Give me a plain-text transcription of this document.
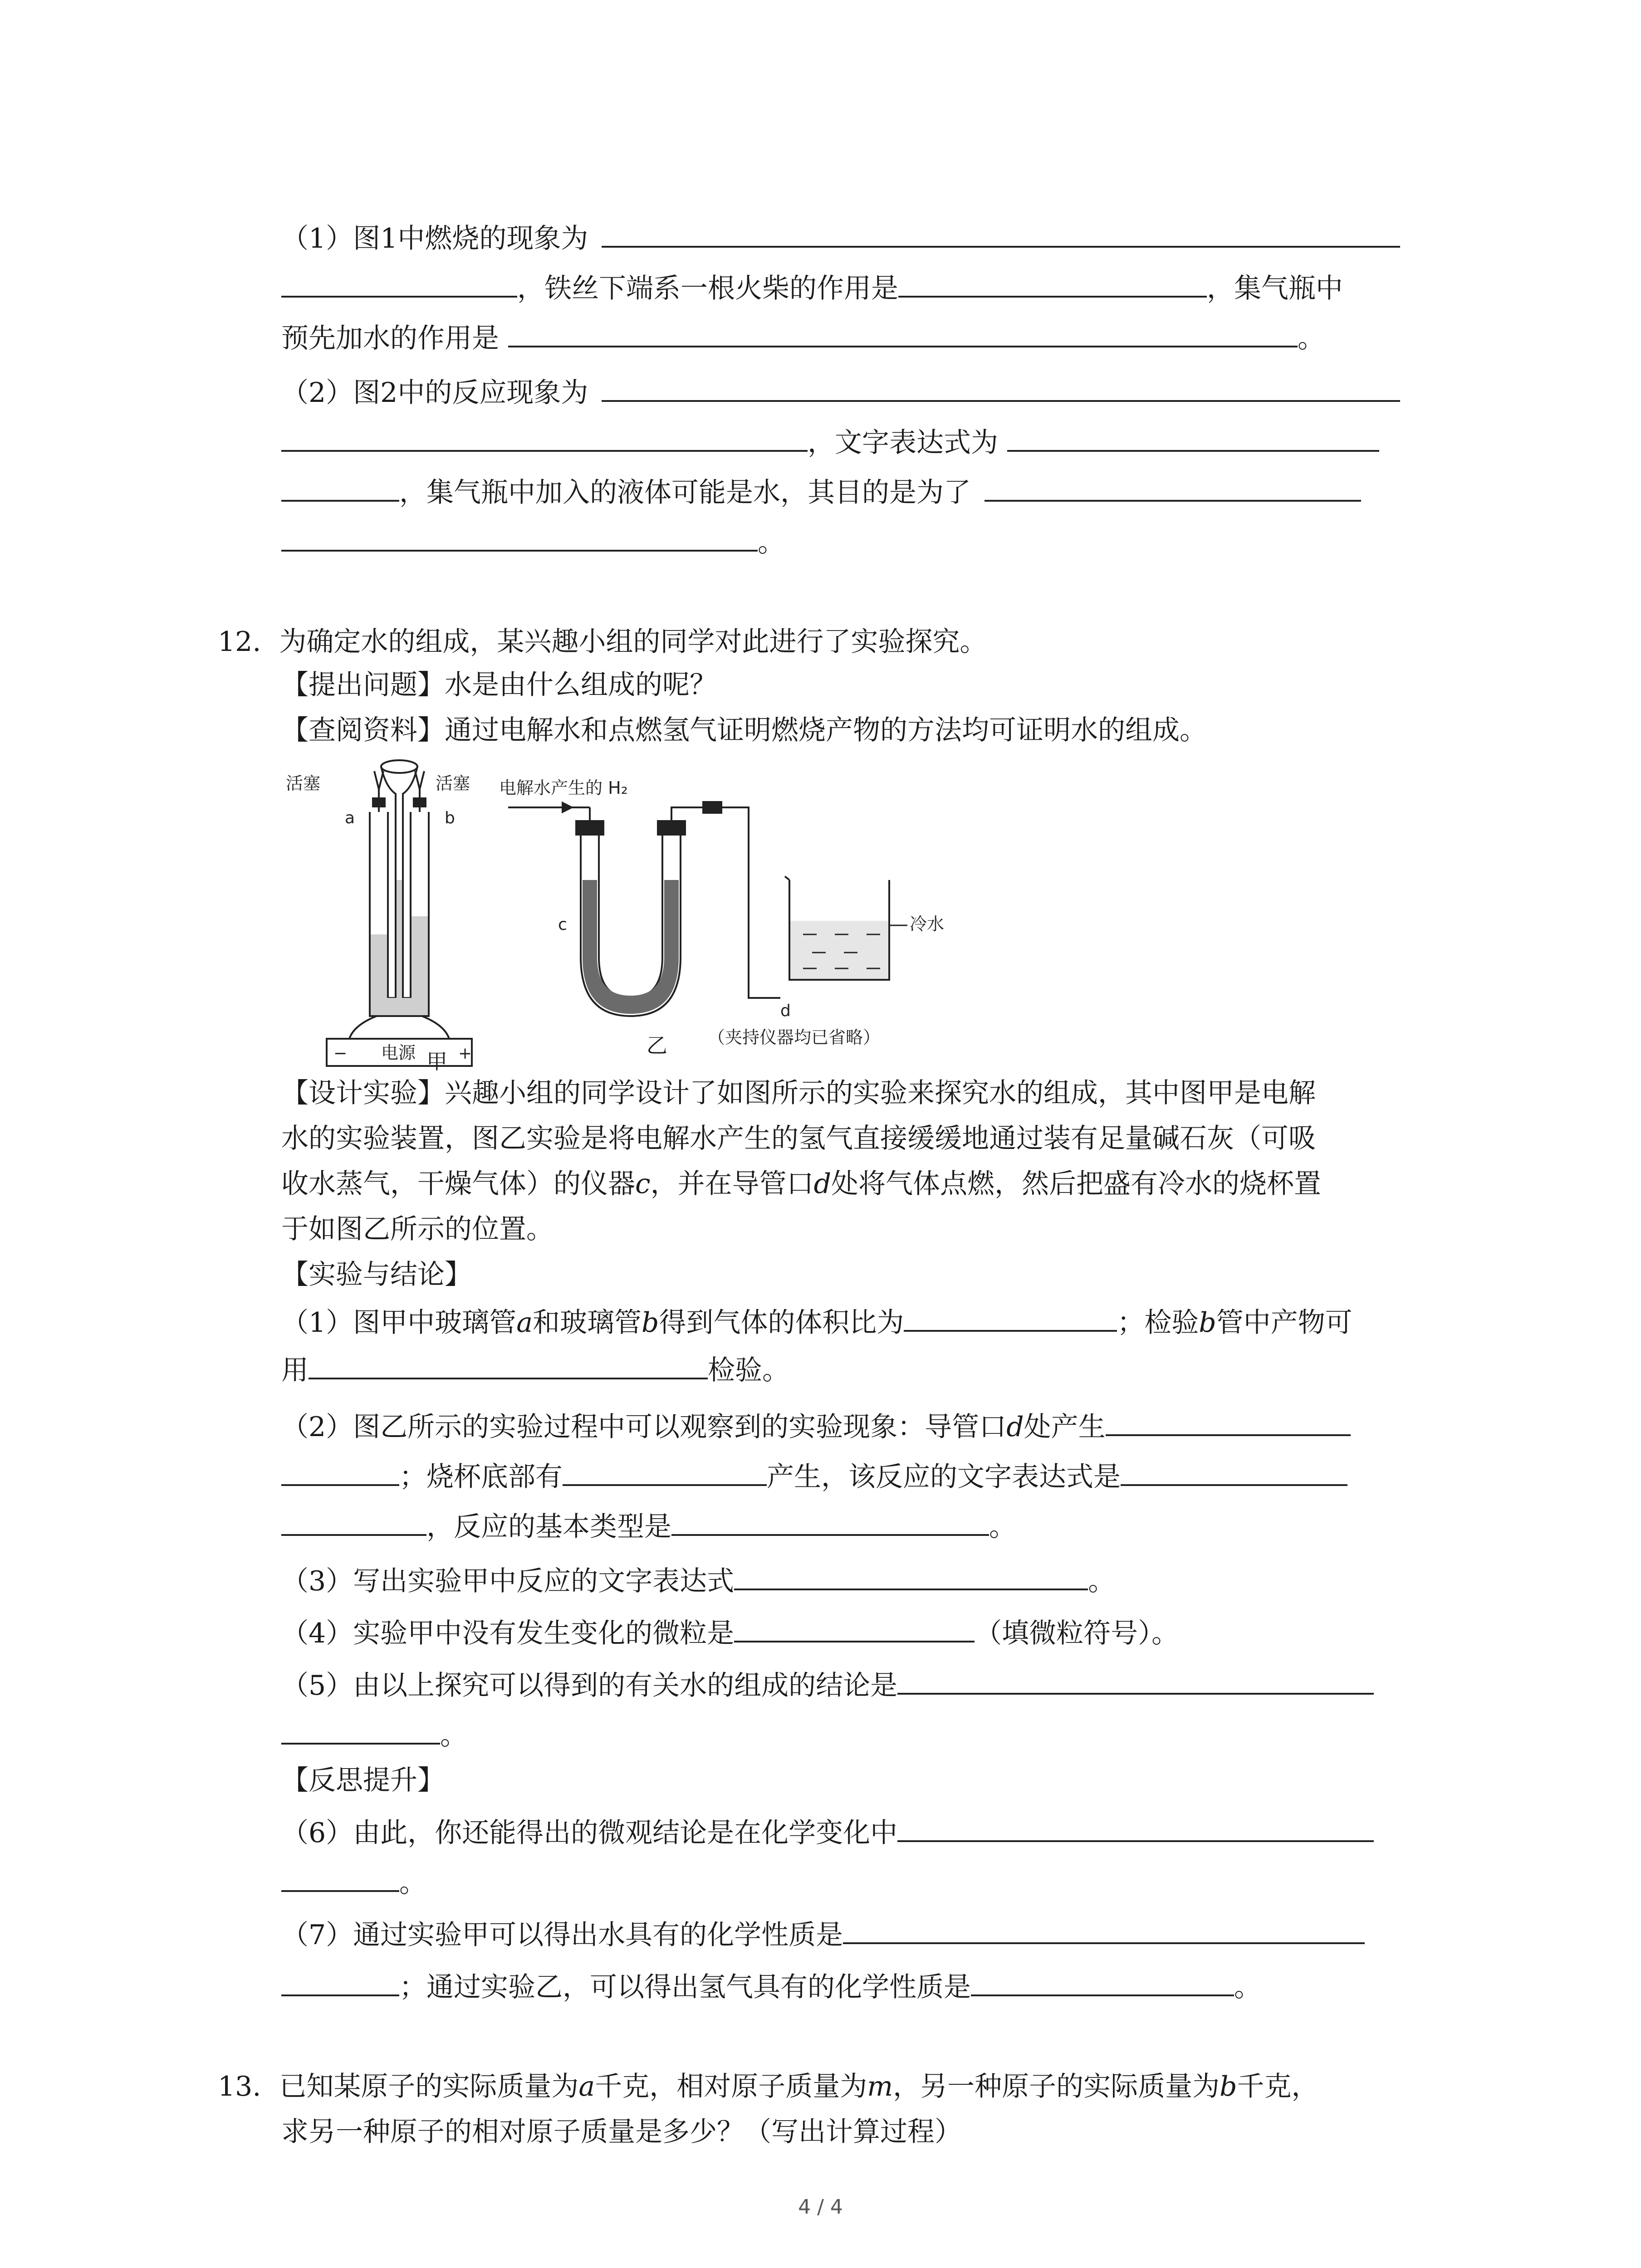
（1）图1中燃烧的现象为
，铁丝下端系一根火柴的作用是	，集气瓶中
预先加水的作用是	。
（2）图2中的反应现象为
，文字表达式为
，集气瓶中加入的液体可能是水，其目的是为了
。
12. 为确定水的组成，某兴趣小组的同学对此进行了实验探究。
【提出问题】水是由什么组成的呢？
【查阅资料】通过电解水和点燃氢气证明燃烧产物的方法均可证明水的组成。
活塞	活塞
a	b
电源
−	+
电解水产生的 H₂
c
d
冷水
（夹持仪器均已省略）
甲
乙
【设计实验】兴趣小组的同学设计了如图所示的实验来探究水的组成，其中图甲是电解
水的实验装置，图乙实验是将电解水产生的氢气直接缓缓地通过装有足量碱石灰（可吸
收水蒸气，干燥气体）的仪器c，并在导管口d处将气体点燃，然后把盛有冷水的烧杯置
于如图乙所示的位置。
【实验与结论】
（1）图甲中玻璃管a和玻璃管b得到气体的体积比为	；检验b管中产物可
用	检验。
（2）图乙所示的实验过程中可以观察到的实验现象：导管口d处产生
；烧杯底部有	产生，该反应的文字表达式是
，反应的基本类型是	。
（3）写出实验甲中反应的文字表达式	。
（4）实验甲中没有发生变化的微粒是	（填微粒符号）。
（5）由以上探究可以得到的有关水的组成的结论是
。
【反思提升】
（6）由此，你还能得出的微观结论是在化学变化中
。
（7）通过实验甲可以得出水具有的化学性质是
；通过实验乙，可以得出氢气具有的化学性质是	。
13. 已知某原子的实际质量为a千克，相对原子质量为m，另一种原子的实际质量为b千克，
求另一种原子的相对原子质量是多少？（写出计算过程）
4 / 4
